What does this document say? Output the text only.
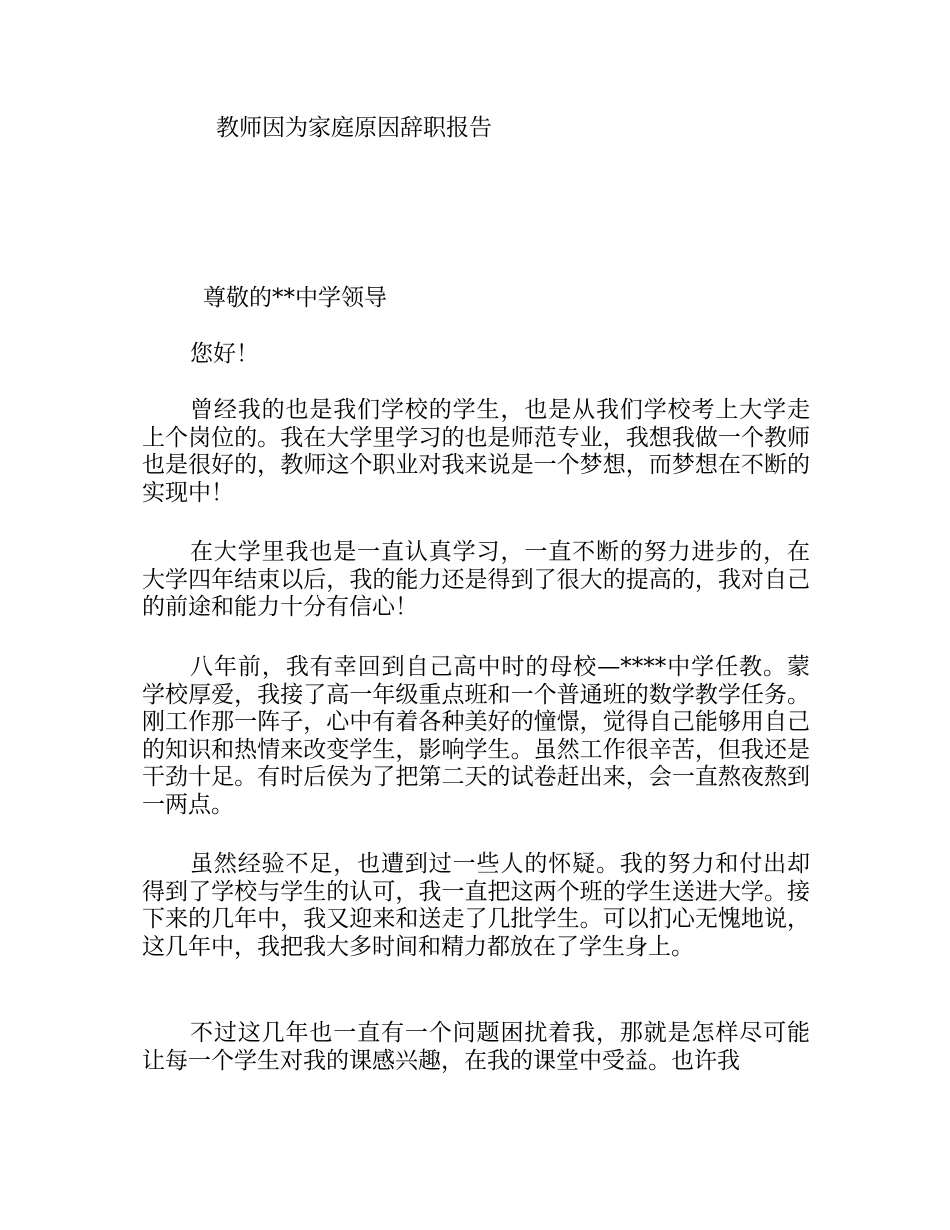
教师因为家庭原因辞职报告
尊敬的**中学领导
您好！

曾经我的也是我们学校的学生，也是从我们学校考上大学走上个岗位的。我在大学里学习的也是师范专业，我想我做一个教师也是很好的，教师这个职业对我来说是一个梦想，而梦想在不断的实现中！

在大学里我也是一直认真学习，一直不断的努力进步的，在大学四年结束以后，我的能力还是得到了很大的提高的，我对自己的前途和能力十分有信心！

八年前，我有幸回到自己高中时的母校—****中学任教。蒙学校厚爱，我接了高一年级重点班和一个普通班的数学教学任务。刚工作那一阵子，心中有着各种美好的憧憬，觉得自己能够用自己的知识和热情来改变学生，影响学生。虽然工作很辛苦，但我还是干劲十足。有时后侯为了把第二天的试卷赶出来，会一直熬夜熬到一两点。

虽然经验不足，也遭到过一些人的怀疑。我的努力和付出却得到了学校与学生的认可，我一直把这两个班的学生送进大学。接下来的几年中，我又迎来和送走了几批学生。可以扪心无愧地说，这几年中，我把我大多时间和精力都放在了学生身上。

不过这几年也一直有一个问题困扰着我，那就是怎样尽可能让每一个学生对我的课感兴趣，在我的课堂中受益。也许我
